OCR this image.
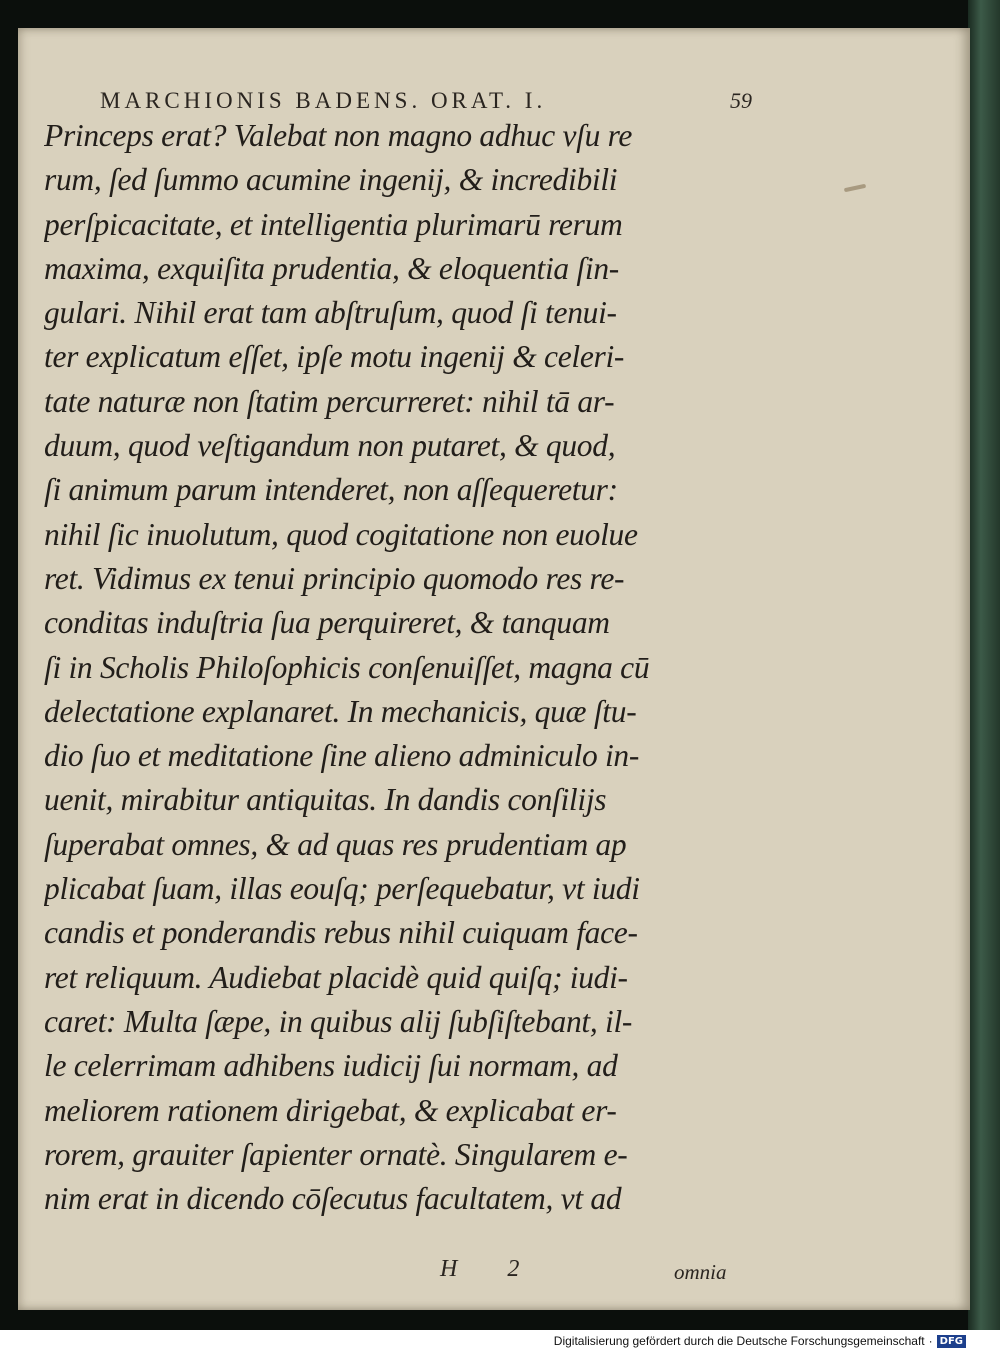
MARCHIONIS BADENS. ORAT. I.	59
Princeps erat? Valebat non magno adhuc vſu re
rum, ſed ſummo acumine ingenij, & incredibili
perſpicacitate, et intelligentia plurimarū rerum
maxima, exquiſita prudentia, & eloquentia ſin-
gulari. Nihil erat tam abſtruſum, quod ſi tenui-
ter explicatum eſſet, ipſe motu ingenij & celeri-
tate naturæ non ſtatim percurreret: nihil tā ar-
duum, quod veſtigandum non putaret, & quod,
ſi animum parum intenderet, non aſſequeretur:
nihil ſic inuolutum, quod cogitatione non euolue
ret. Vidimus ex tenui principio quomodo res re-
conditas induſtria ſua perquireret, & tanquam
ſi in Scholis Philoſophicis conſenuiſſet, magna cū
delectatione explanaret. In mechanicis, quæ ſtu-
dio ſuo et meditatione ſine alieno adminiculo in-
uenit, mirabitur antiquitas. In dandis conſilijs
ſuperabat omnes, & ad quas res prudentiam ap
plicabat ſuam, illas eouſq; perſequebatur, vt iudi
candis et ponderandis rebus nihil cuiquam face-
ret reliquum. Audiebat placidè quid quiſq; iudi-
caret: Multa ſæpe, in quibus alij ſubſiſtebant, il-
le celerrimam adhibens iudicij ſui normam, ad
meliorem rationem dirigebat, & explicabat er-
rorem, grauiter ſapienter ornatè. Singularem e-
nim erat in dicendo cōſecutus facultatem, vt ad
H 2	omnia
Digitalisierung gefördert durch die Deutsche Forschungsgemeinschaft · DFG
